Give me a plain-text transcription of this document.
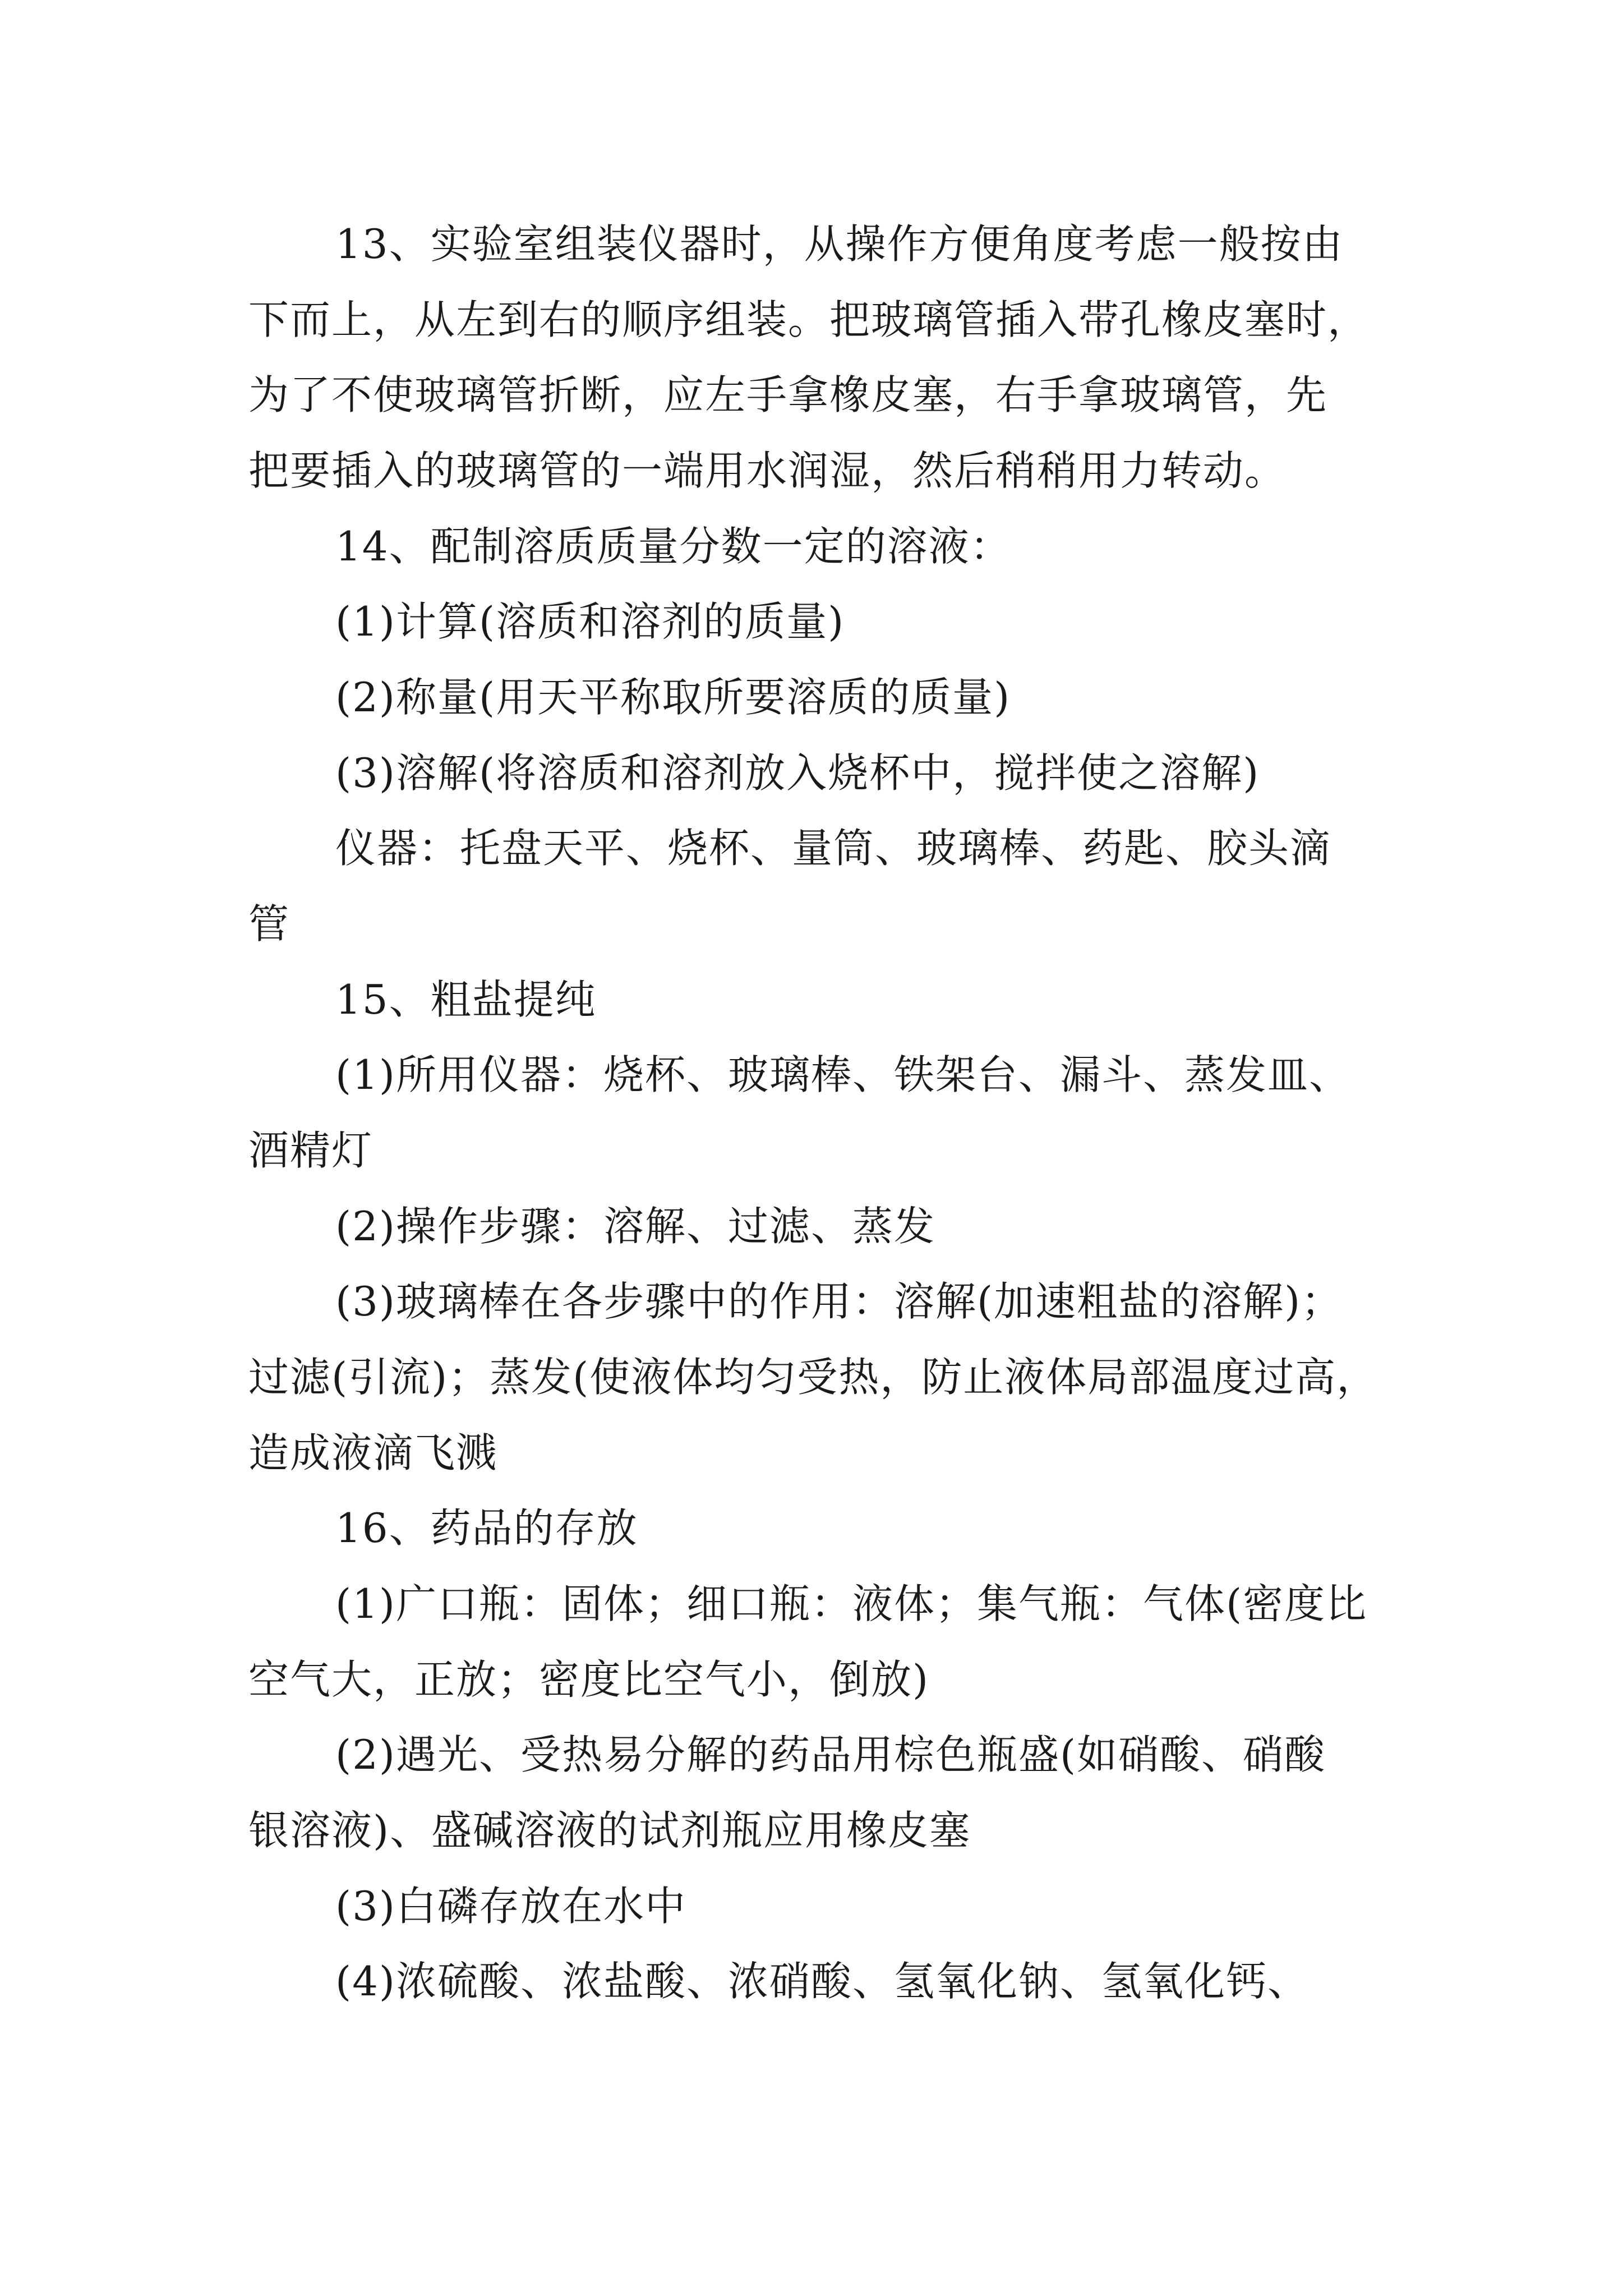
13、实验室组装仪器时，从操作方便角度考虑一般按由

下而上，从左到右的顺序组装。把玻璃管插入带孔橡皮塞时，

为了不使玻璃管折断，应左手拿橡皮塞，右手拿玻璃管，先

把要插入的玻璃管的一端用水润湿，然后稍稍用力转动。

14、配制溶质质量分数一定的溶液：

(1)计算(溶质和溶剂的质量)

(2)称量(用天平称取所要溶质的质量)

(3)溶解(将溶质和溶剂放入烧杯中，搅拌使之溶解)

仪器：托盘天平、烧杯、量筒、玻璃棒、药匙、胶头滴

管

15、粗盐提纯

(1)所用仪器：烧杯、玻璃棒、铁架台、漏斗、蒸发皿、

酒精灯

(2)操作步骤：溶解、过滤、蒸发

(3)玻璃棒在各步骤中的作用：溶解(加速粗盐的溶解)；

过滤(引流)；蒸发(使液体均匀受热，防止液体局部温度过高，

造成液滴飞溅

16、药品的存放

(1)广口瓶：固体；细口瓶：液体；集气瓶：气体(密度比

空气大，正放；密度比空气小，倒放)

(2)遇光、受热易分解的药品用棕色瓶盛(如硝酸、硝酸

银溶液)、盛碱溶液的试剂瓶应用橡皮塞

(3)白磷存放在水中

(4)浓硫酸、浓盐酸、浓硝酸、氢氧化钠、氢氧化钙、
